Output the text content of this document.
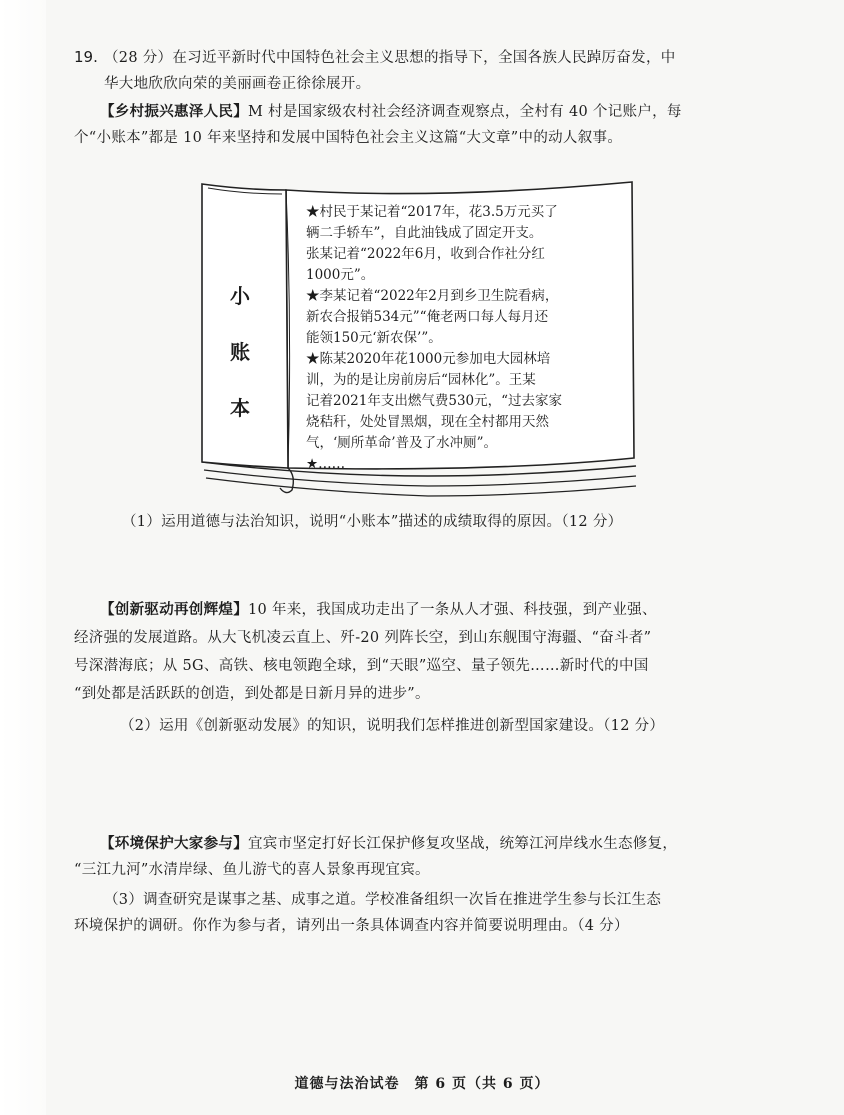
19. （28 分）在习近平新时代中国特色社会主义思想的指导下，全国各族人民踔厉奋发，中
华大地欣欣向荣的美丽画卷正徐徐展开。
【乡村振兴惠泽人民】M 村是国家级农村社会经济调查观察点，全村有 40 个记账户，每
个“小账本”都是 10 年来坚持和发展中国特色社会主义这篇“大文章”中的动人叙事。
小
账
本
★村民于某记着“2017年，花3.5万元买了
辆二手轿车”，自此油钱成了固定开支。
张某记着“2022年6月，收到合作社分红
1000元”。
★李某记着“2022年2月到乡卫生院看病，
新农合报销534元”“俺老两口每人每月还
能领150元‘新农保’”。
★陈某2020年花1000元参加电大园林培
训，为的是让房前房后“园林化”。王某
记着2021年支出燃气费530元，“过去家家
烧秸秆，处处冒黑烟，现在全村都用天然
气，‘厕所革命’普及了水冲厕”。
★……
（1）运用道德与法治知识，说明“小账本”描述的成绩取得的原因。（12 分）
【创新驱动再创辉煌】10 年来，我国成功走出了一条从人才强、科技强，到产业强、
经济强的发展道路。从大飞机凌云直上、歼-20 列阵长空，到山东舰围守海疆、“奋斗者”
号深潜海底；从 5G、高铁、核电领跑全球，到“天眼”巡空、量子领先……新时代的中国
“到处都是活跃跃的创造，到处都是日新月异的进步”。
（2）运用《创新驱动发展》的知识，说明我们怎样推进创新型国家建设。（12 分）
【环境保护大家参与】宜宾市坚定打好长江保护修复攻坚战，统筹江河岸线水生态修复，
“三江九河”水清岸绿、鱼儿游弋的喜人景象再现宜宾。
（3）调查研究是谋事之基、成事之道。学校准备组织一次旨在推进学生参与长江生态
环境保护的调研。你作为参与者，请列出一条具体调查内容并简要说明理由。（4 分）
道德与法治试卷　第 6 页（共 6 页）
